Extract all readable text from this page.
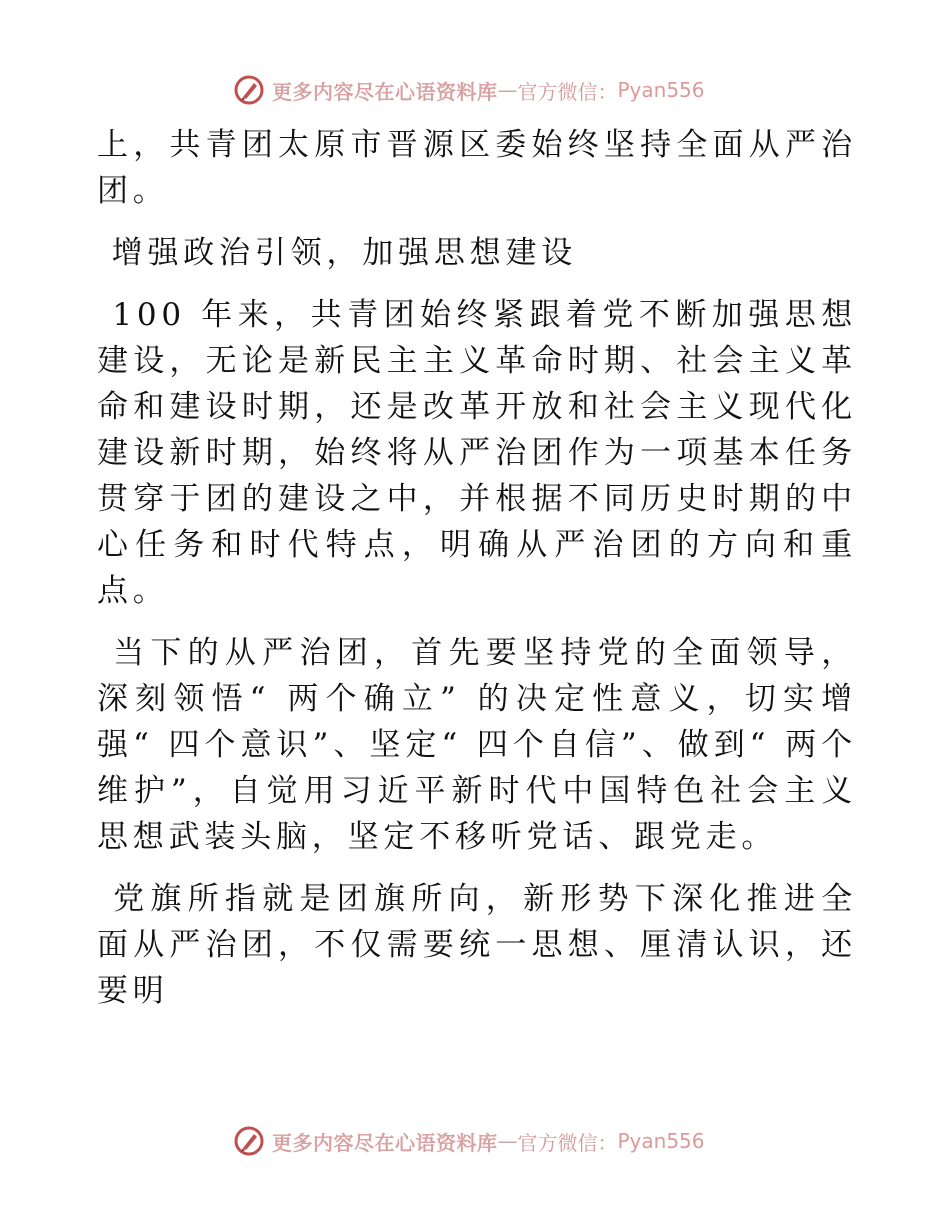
更多内容尽在心语资料库 — 官方微信： Pyan556

上，共青团太原市晋源区委始终坚持全面从严治团。

增强政治引领，加强思想建设

100 年来，共青团始终紧跟着党不断加强思想建设，无论是新民主主义革命时期、社会主义革命和建设时期，还是改革开放和社会主义现代化建设新时期，始终将从严治团作为一项基本任务贯穿于团的建设之中，并根据不同历史时期的中心任务和时代特点，明确从严治团的方向和重点。

当下的从严治团，首先要坚持党的全面领导，深刻领悟“ 两个确立” 的决定性意义，切实增强“ 四个意识”、坚定“ 四个自信”、做到“ 两个维护”，自觉用习近平新时代中国特色社会主义思想武装头脑，坚定不移听党话、跟党走。

党旗所指就是团旗所向，新形势下深化推进全面从严治团，不仅需要统一思想、厘清认识，还要明

更多内容尽在心语资料库 — 官方微信： Pyan556
